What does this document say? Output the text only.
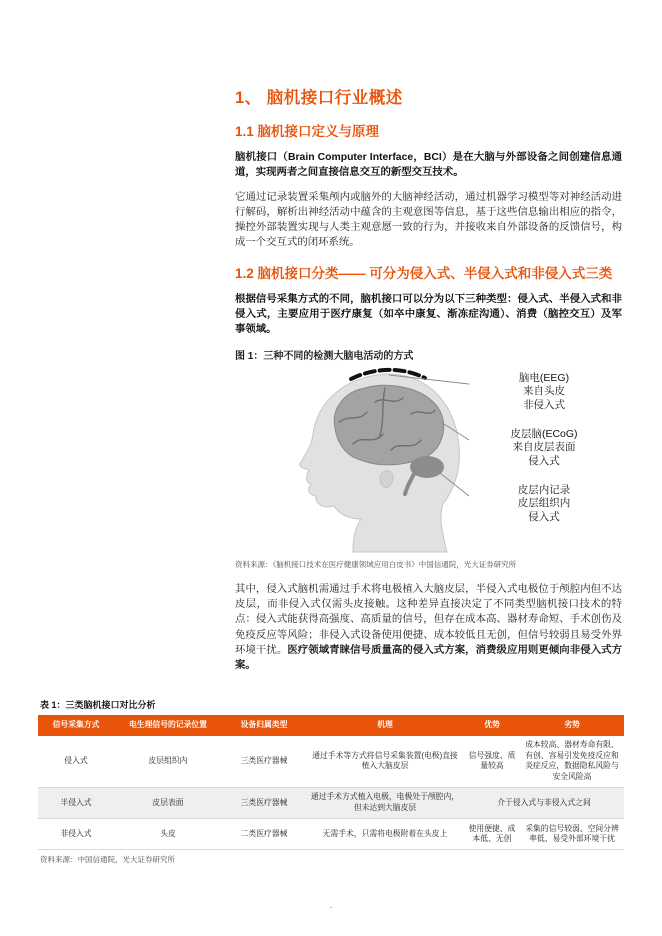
1、 脑机接口行业概述
1.1 脑机接口定义与原理

脑机接口（Brain Computer Interface，BCI）是在大脑与外部设备之间创建信息通道，实现两者之间直接信息交互的新型交互技术。

它通过记录装置采集颅内或脑外的大脑神经活动，通过机器学习模型等对神经活动进行解码，解析出神经活动中蕴含的主观意图等信息，基于这些信息输出相应的指令，操控外部装置实现与人类主观意愿一致的行为，并接收来自外部设备的反馈信号，构成一个交互式的闭环系统。

1.2 脑机接口分类—— 可分为侵入式、半侵入式和非侵入式三类

根据信号采集方式的不同，脑机接口可以分为以下三种类型：侵入式、半侵入式和非侵入式，主要应用于医疗康复（如卒中康复、渐冻症沟通）、消费（脑控交互）及军事领域。

图 1：三种不同的检测大脑电活动的方式
脑电(EEG)
来自头皮
非侵入式
皮层脑(ECoG)
来自皮层表面
侵入式
皮层内记录
皮层组织内
侵入式
资料来源：《脑机接口技术在医疗健康领域应用白皮书》中国信通院，光大证券研究所

其中，侵入式脑机需通过手术将电极植入大脑皮层，半侵入式电极位于颅腔内但不达皮层，而非侵入式仅需头皮接触。这种差异直接决定了不同类型脑机接口技术的特点：侵入式能获得高强度、高质量的信号，但存在成本高、器材寿命短、手术创伤及免疫反应等风险；非侵入式设备使用便捷、成本较低且无创，但信号较弱且易受外界环境干扰。医疗领域青睐信号质量高的侵入式方案，消费级应用则更倾向非侵入式方案。

表 1：三类脑机接口对比分析
信号采集方式	电生理信号的记录位置	设备归属类型	机理	优势	劣势
侵入式	皮层组织内	三类医疗器械	通过手术等方式将信号采集装置(电极)直接植入大脑皮层	信号强度、质量较高	成本较高、器材寿命有限、有创、容易引发免疫反应和炎症反应，数据隐私风险与安全风险高
半侵入式	皮层表面	三类医疗器械	通过手术方式植入电极，电极处于颅腔内，但未达到大脑皮层	介于侵入式与非侵入式之间	
非侵入式	头皮	二类医疗器械	无需手术，只需将电极附着在头皮上	使用便捷、成本低、无创	采集的信号较弱、空间分辨率低、易受外部环境干扰
资料来源：中国信通院，光大证券研究所
·
